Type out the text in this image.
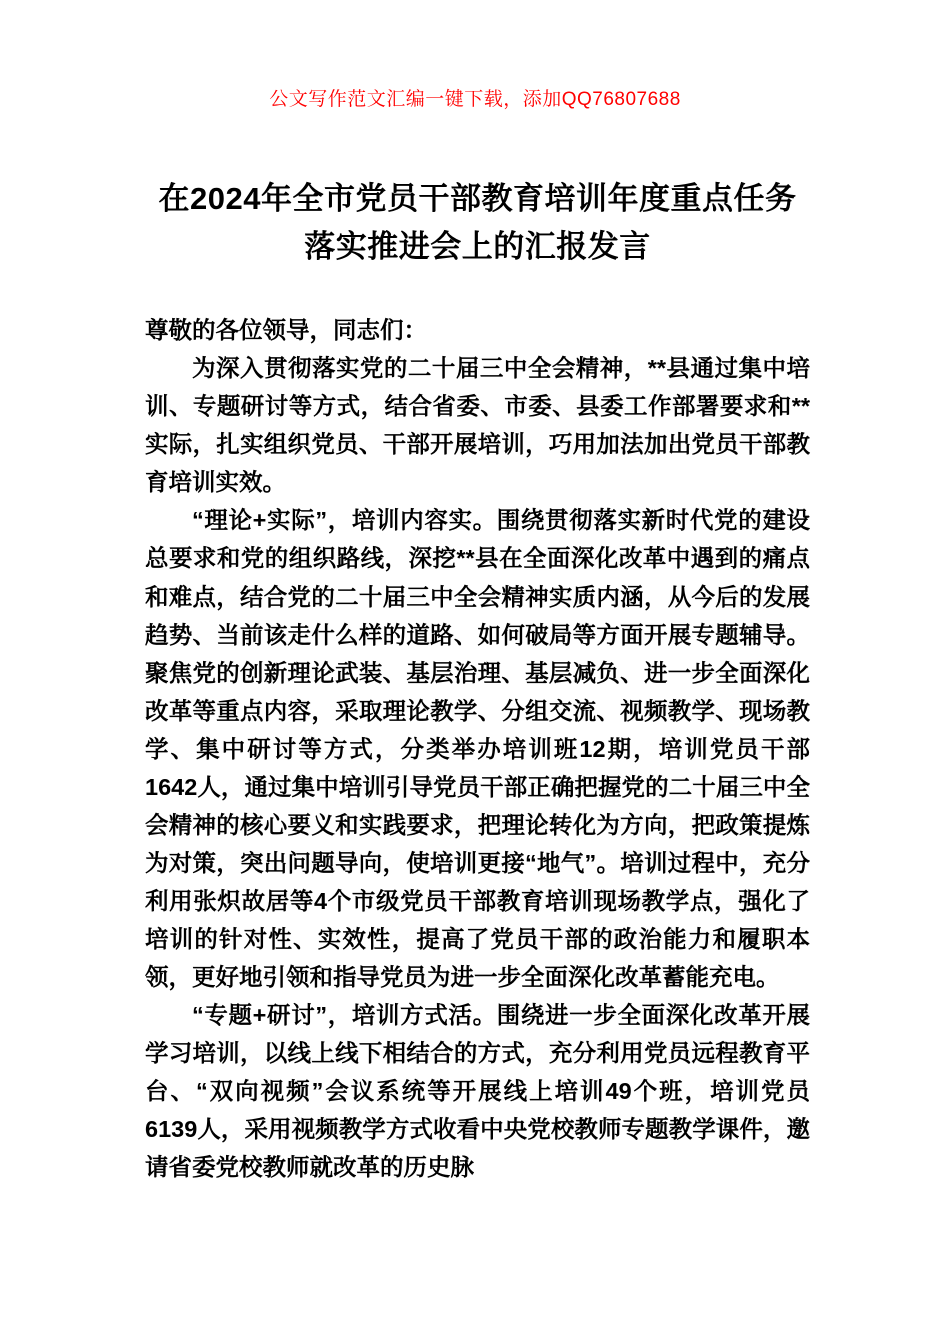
公文写作范文汇编一键下载，添加QQ76807688
在2024年全市党员干部教育培训年度重点任务落实推进会上的汇报发言

尊敬的各位领导，同志们：

为深入贯彻落实党的二十届三中全会精神，**县通过集中培训、专题研讨等方式，结合省委、市委、县委工作部署要求和**实际，扎实组织党员、干部开展培训，巧用加法加出党员干部教育培训实效。

“理论+实际”，培训内容实。围绕贯彻落实新时代党的建设总要求和党的组织路线，深挖**县在全面深化改革中遇到的痛点和难点，结合党的二十届三中全会精神实质内涵，从今后的发展趋势、当前该走什么样的道路、如何破局等方面开展专题辅导。聚焦党的创新理论武装、基层治理、基层减负、进一步全面深化改革等重点内容，采取理论教学、分组交流、视频教学、现场教学、集中研讨等方式，分类举办培训班12期，培训党员干部1642人，通过集中培训引导党员干部正确把握党的二十届三中全会精神的核心要义和实践要求，把理论转化为方向，把政策提炼为对策，突出问题导向，使培训更接“地气”。培训过程中，充分利用张炽故居等4个市级党员干部教育培训现场教学点，强化了培训的针对性、实效性，提高了党员干部的政治能力和履职本领，更好地引领和指导党员为进一步全面深化改革蓄能充电。

“专题+研讨”，培训方式活。围绕进一步全面深化改革开展学习培训，以线上线下相结合的方式，充分利用党员远程教育平台、“双向视频”会议系统等开展线上培训49个班，培训党员6139人，采用视频教学方式收看中央党校教师专题教学课件，邀请省委党校教师就改革的历史脉
